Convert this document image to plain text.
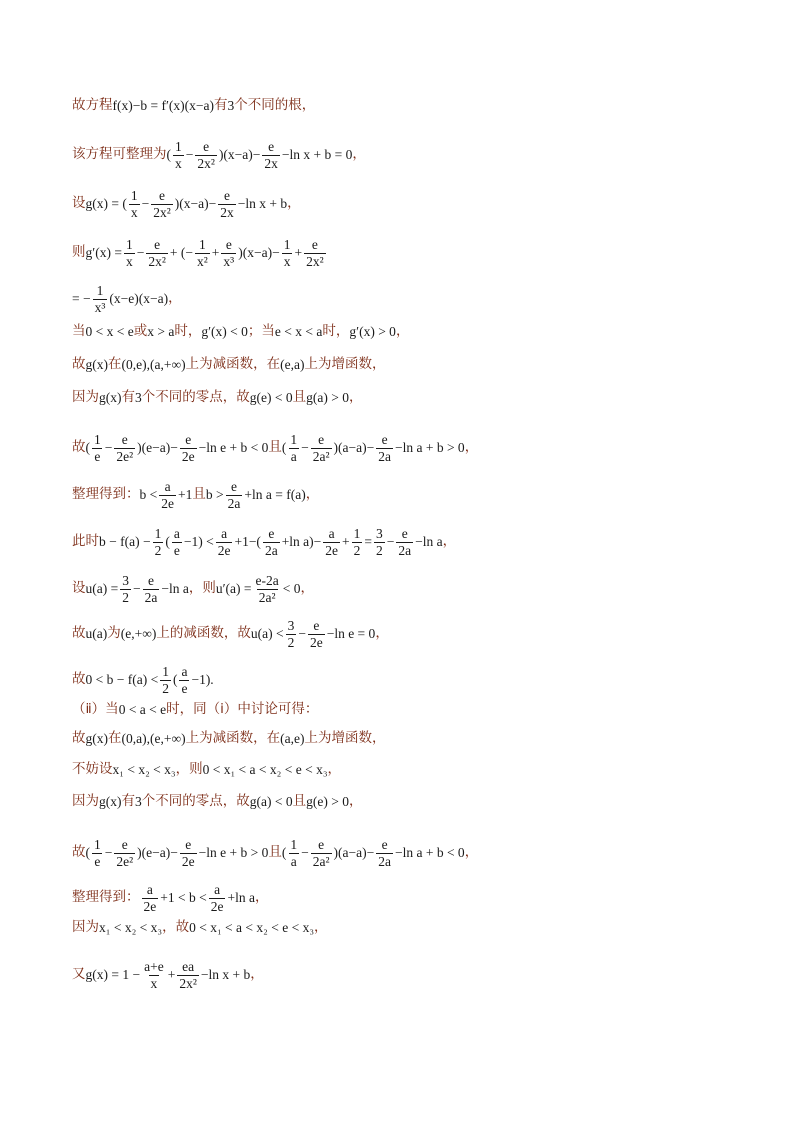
故方程 f(x)−b = f′(x)(x−a) 有 3 个不同的根，
该方程可整理为 ( $\frac{1}{x} - \frac{e}{\text{2x²}} )(x-a)- \frac{e}{2x} -\ln$ x + b = 0 ，
设 g(x) = ( $\frac{1}{x} - \frac{e}{\text{2x²}} )(x-a)- \frac{e}{2x} -\ln$ x + b ，
则 $g'(x) = \frac{1}{x} - \frac{e}{\text{2x²}}$ + (− $\frac{1}{\text{x²}} + \frac{e}{\text{x³}} )(x-a)- \frac{1}{x} + \frac{e}{\text{2x²}}$
= − $\frac{1}{\text{x³}} (x-e)(x-a)$ ，
当 0 < x < e 或 x > a 时， g′(x) < 0 ；当 e < x < a 时， g′(x) > 0 ，
故 g(x) 在 (0,e),(a,+∞) 上为减函数，在 (e,a) 上为增函数，
因为 g(x) 有 3 个不同的零点，故 g(e) < 0 且 g(a) > 0 ，
故 ( $\frac{1}{e} - \frac{e}{\text{2e²}} )(e-a)- \frac{e}{2e} -\ln$ e + b < 0 且 ( $\frac{1}{a} - \frac{e}{\text{2a²}} )(a-a)- \frac{e}{2a} -\ln$ a + b > 0 ，
整理得到： $b < \frac{a}{2e} +1$ 且 $b > \frac{e}{2a} +\ln$ a = f(a) ，
此时 $b - f(a) - \frac{1}{2}$ ( $\frac{a}{e} -1) < \frac{a}{2e} +1-( \frac{e}{2a} +\ln$ $a)- \frac{a}{2e} + \frac{1}{2} = \frac{3}{2} - \frac{e}{2a} -\ln$ a ，
设 $u(a) = \frac{3}{2} - \frac{e}{2a} -\ln$ a ，则 $u'(a) = \frac{e-2a}{\text{2a²}} < 0$ ，
故 u(a) 为 (e,+∞) 上的减函数，故 $u(a) < \frac{3}{2} - \frac{e}{2e} -\ln$ e = 0 ，
故 $0 < b - f(a) < \frac{1}{2}$ ( $\frac{a}{e} -1$).
（ⅱ）当 0 < a < e 时，同（ⅰ）中讨论可得：
故 g(x) 在 (0,a),(e,+∞) 上为减函数，在 (a,e) 上为增函数，
不妨设 x₁ < x₂ < x₃ ，则 0 < x₁ < a < x₂ < e < x₃ ，
因为 g(x) 有 3 个不同的零点，故 g(a) < 0 且 g(e) > 0 ，
故 ( $\frac{1}{e} - \frac{e}{\text{2e²}} )(e-a)- \frac{e}{2e} -\ln$ e + b > 0 且 ( $\frac{1}{a} - \frac{e}{\text{2a²}} )(a-a)- \frac{e}{2a} -\ln$ a + b < 0 ，
整理得到： $\frac{a}{2e} +1 < b < \frac{a}{2e} +\ln$ a ，
因为 x₁ < x₂ < x₃ ，故 0 < x₁ < a < x₂ < e < x₃ ，
又 $g(x) = 1 - \frac{a+e}{x} + \frac{ea}{\text{2x²}} -\ln$ x + b ，
